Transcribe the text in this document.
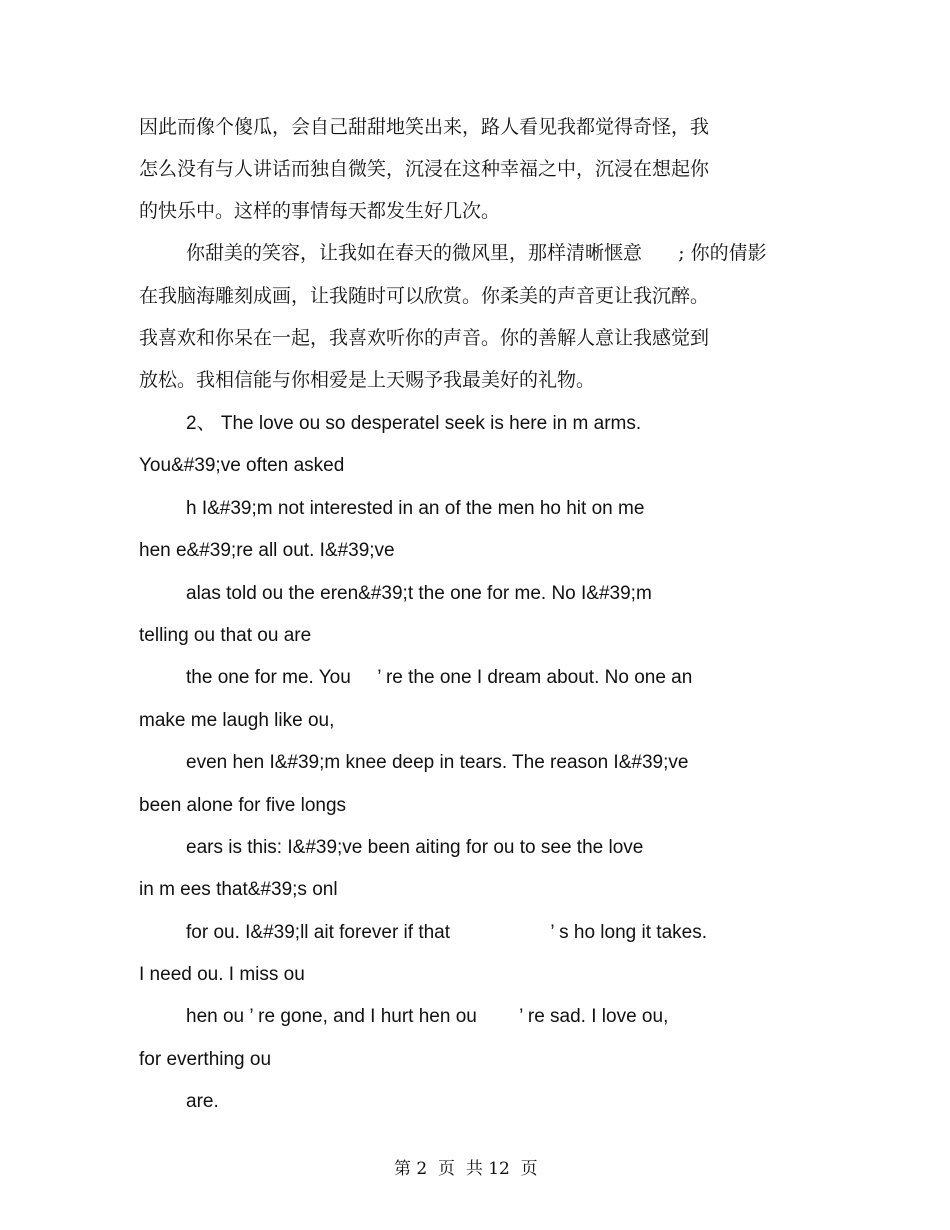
因此而像个傻瓜，会自己甜甜地笑出来，路人看见我都觉得奇怪，我
怎么没有与人讲话而独自微笑，沉浸在这种幸福之中，沉浸在想起你
的快乐中。这样的事情每天都发生好几次。
你甜美的笑容，让我如在春天的微风里，那样清晰惬意      ; 你的倩影
在我脑海雕刻成画，让我随时可以欣赏。你柔美的声音更让我沉醉。
我喜欢和你呆在一起，我喜欢听你的声音。你的善解人意让我感觉到
放松。我相信能与你相爱是上天赐予我最美好的礼物。
2、 The love ou so desperatel seek is here in m arms.
You&#39;ve often asked
h I&#39;m not interested in an of the men ho hit on me
hen e&#39;re all out. I&#39;ve
alas told ou the eren&#39;t the one for me. No I&#39;m
telling ou that ou are
the one for me. You     ’ re the one I dream about. No one an
make me laugh like ou,
even hen I&#39;m knee deep in tears. The reason I&#39;ve
been alone for five longs
ears is this: I&#39;ve been aiting for ou to see the love
in m ees that&#39;s onl
for ou. I&#39;ll ait forever if that                   ’ s ho long it takes.
I need ou. I miss ou
hen ou ’ re gone, and I hurt hen ou        ’ re sad. I love ou,
for everthing ou
are.
第 2  页  共 12  页
